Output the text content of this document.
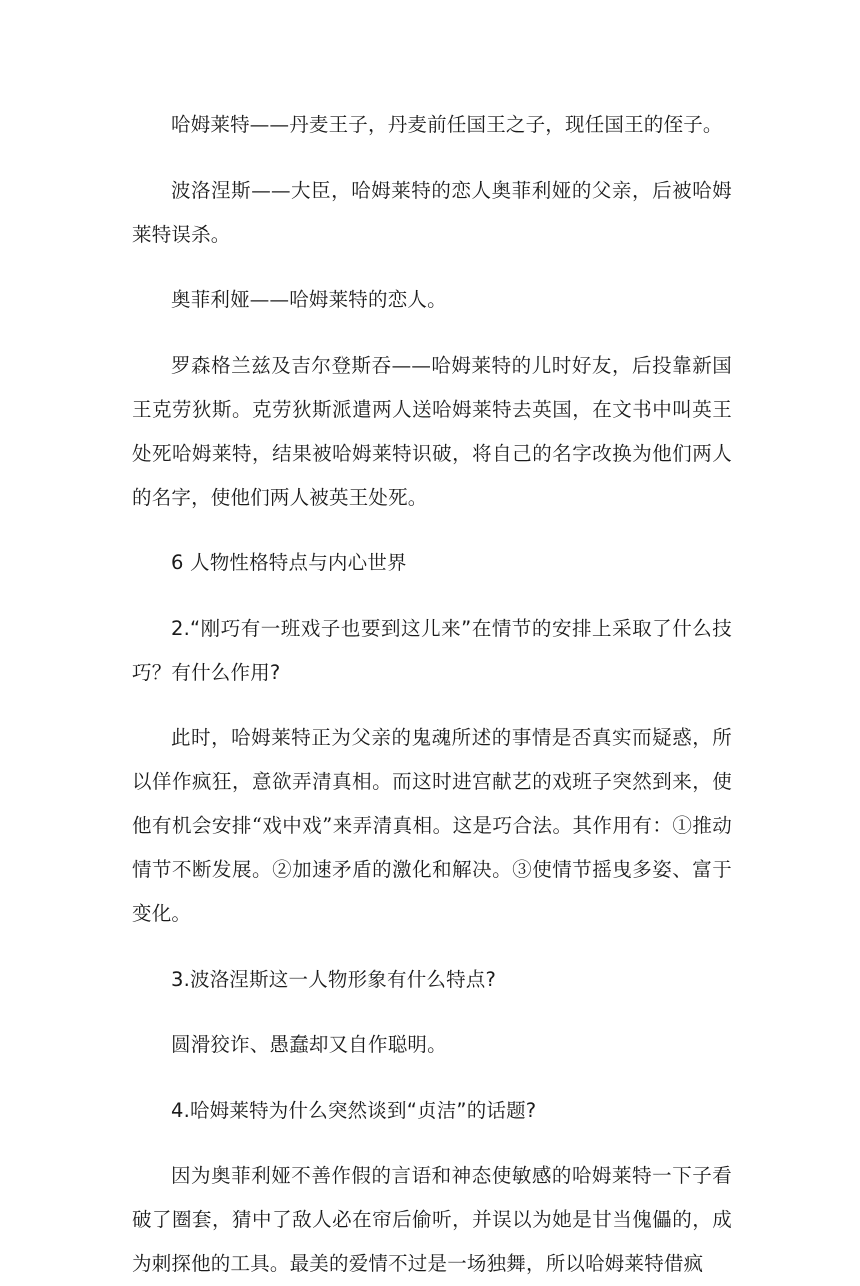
哈姆莱特——丹麦王子，丹麦前任国王之子，现任国王的侄子。

波洛涅斯——大臣，哈姆莱特的恋人奥菲利娅的父亲，后被哈姆莱特误杀。

奥菲利娅——哈姆莱特的恋人。

罗森格兰兹及吉尔登斯吞——哈姆莱特的儿时好友，后投靠新国王克劳狄斯。克劳狄斯派遣两人送哈姆莱特去英国，在文书中叫英王处死哈姆莱特，结果被哈姆莱特识破，将自己的名字改换为他们两人的名字，使他们两人被英王处死。

6 人物性格特点与内心世界

2.“刚巧有一班戏子也要到这儿来”在情节的安排上采取了什么技巧？有什么作用?

此时，哈姆莱特正为父亲的鬼魂所述的事情是否真实而疑惑，所以佯作疯狂，意欲弄清真相。而这时进宫献艺的戏班子突然到来，使他有机会安排“戏中戏”来弄清真相。这是巧合法。其作用有：①推动情节不断发展。②加速矛盾的激化和解决。③使情节摇曳多姿、富于变化。

3.波洛涅斯这一人物形象有什么特点?

圆滑狡诈、愚蠢却又自作聪明。

4.哈姆莱特为什么突然谈到“贞洁”的话题?

因为奥菲利娅不善作假的言语和神态使敏感的哈姆莱特一下子看破了圈套，猜中了敌人必在帘后偷听，并误以为她是甘当傀儡的，成为刺探他的工具。最美的爱情不过是一场独舞，所以哈姆莱特借疯
